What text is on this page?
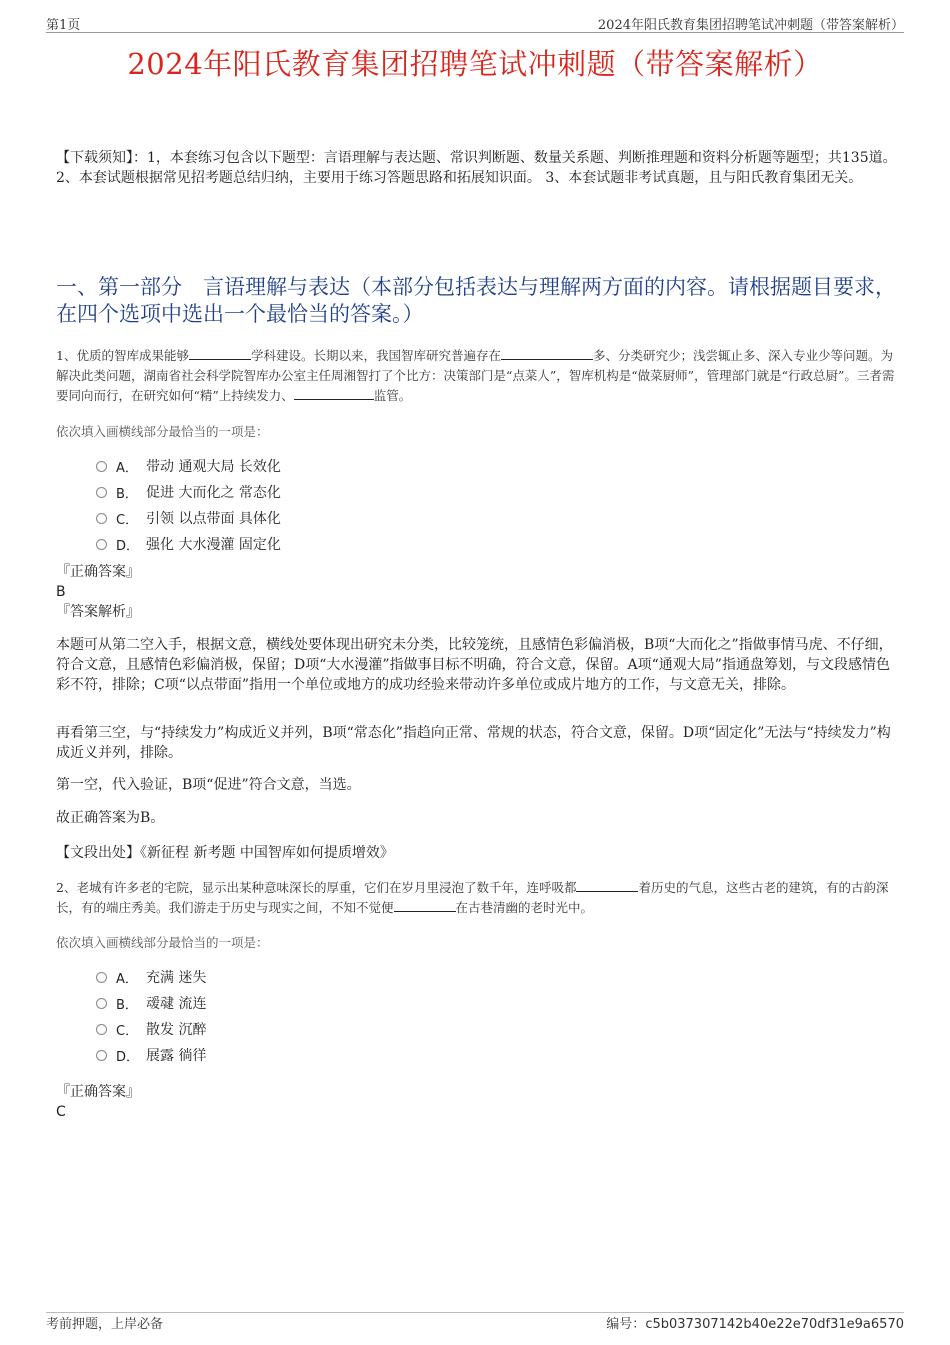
第1页	2024年阳氏教育集团招聘笔试冲刺题（带答案解析）
2024年阳氏教育集团招聘笔试冲刺题（带答案解析）
【下载须知】：1，本套练习包含以下题型：言语理解与表达题、常识判断题、数量关系题、判断推理题和资料分析题等题型；共135道。 2、本套试题根据常见招考题总结归纳，主要用于练习答题思路和拓展知识面。 3、本套试题非考试真题，且与阳氏教育集团无关。
一、第一部分　言语理解与表达（本部分包括表达与理解两方面的内容。请根据题目要求，在四个选项中选出一个最恰当的答案。）
1、优质的智库成果能够	学科建设。长期以来，我国智库研究普遍存在	多、分类研究少；浅尝辄止多、深入专业少等问题。为解决此类问题，湖南省社会科学院智库办公室主任周湘智打了个比方：决策部门是“点菜人”，智库机构是“做菜厨师”，管理部门就是“行政总厨”。三者需要同向而行，在研究如何“精”上持续发力、	监管。
依次填入画横线部分最恰当的一项是：
A． 带动 通观大局 长效化
B． 促进 大而化之 常态化
C． 引领 以点带面 具体化
D． 强化 大水漫灌 固定化
『正确答案』
B
『答案解析』
本题可从第二空入手，根据文意，横线处要体现出研究未分类，比较笼统，且感情色彩偏消极，B项“大而化之”指做事情马虎、不仔细，符合文意，且感情色彩偏消极，保留；D项“大水漫灌”指做事目标不明确，符合文意，保留。A项“通观大局”指通盘筹划，与文段感情色彩不符，排除；C项“以点带面”指用一个单位或地方的成功经验来带动许多单位或成片地方的工作，与文意无关，排除。
再看第三空，与“持续发力”构成近义并列，B项“常态化”指趋向正常、常规的状态，符合文意，保留。D项“固定化”无法与“持续发力”构成近义并列，排除。
第一空，代入验证，B项“促进”符合文意，当选。
故正确答案为B。
【文段出处】《新征程 新考题 中国智库如何提质增效》
2、老城有许多老的宅院，显示出某种意味深长的厚重，它们在岁月里浸泡了数千年，连呼吸都	着历史的气息，这些古老的建筑，有的古韵深长，有的端庄秀美。我们游走于历史与现实之间，不知不觉便	在古巷清幽的老时光中。
依次填入画横线部分最恰当的一项是：
A． 充满 迷失
B． 叆叇 流连
C． 散发 沉醉
D． 展露 徜徉
『正确答案』
C
考前押题，上岸必备	编号：c5b037307142b40e22e70df31e9a6570
